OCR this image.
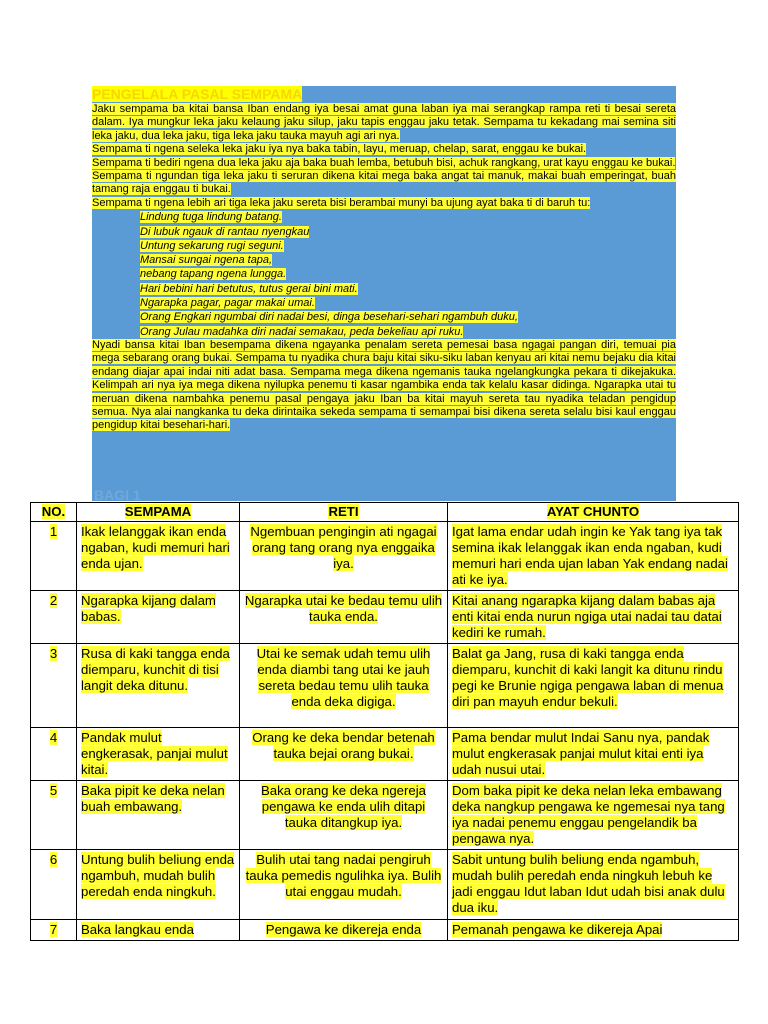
PENGELALA PASAL SEMPAMA

Jaku sempama ba kitai bansa Iban endang iya besai amat guna laban iya mai serangkap rampa reti ti besai sereta dalam. Iya mungkur leka jaku kelaung jaku silup, jaku tapis enggau jaku tetak. Sempama tu kekadang mai semina siti leka jaku, dua leka jaku, tiga leka jaku tauka mayuh agi ari nya.

Sempama ti ngena seleka leka jaku iya nya baka tabin, layu, meruap, chelap, sarat, enggau ke bukai.

Sempama ti bediri ngena dua leka jaku aja baka buah lemba, betubuh bisi, achuk rangkang, urat kayu enggau ke bukai.

Sempama ti ngundan tiga leka jaku ti seruran dikena kitai mega baka angat tai manuk, makai buah emperingat, buah tamang raja enggau ti bukai.

Sempama ti ngena lebih ari tiga leka jaku sereta bisi berambai munyi ba ujung ayat baka ti di baruh tu:

Lindung tuga lindung batang.
Di lubuk ngauk di rantau nyengkau
Untung sekarung rugi seguni.
Mansai sungai ngena tapa,
nebang tapang ngena lungga.
Hari bebini hari betutus, tutus gerai bini mati.
Ngarapka pagar, pagar makai umai.
Orang Engkari ngumbai diri nadai besi, dinga besehari-sehari ngambuh duku,
Orang Julau madahka diri nadai semakau, peda bekeliau api ruku.

Nyadi bansa kitai Iban besempama dikena ngayanka penalam sereta pemesai basa ngagai pangan diri, temuai pia mega sebarang orang bukai. Sempama tu nyadika chura baju kitai siku-siku laban kenyau ari kitai nemu bejaku dia kitai endang diajar apai indai niti adat basa. Sempama mega dikena ngemanis tauka ngelangkungka pekara ti dikejakuka. Kelimpah ari nya iya mega dikena nyilupka penemu ti kasar ngambika enda tak kelalu kasar didinga. Ngarapka utai tu meruan dikena nambahka penemu pasal pengaya jaku Iban ba kitai mayuh sereta tau nyadika teladan pengidup semua. Nya alai nangkanka tu deka dirintaika sekeda sempama ti semampai bisi dikena sereta selalu bisi kaul enggau pengidup kitai besehari-hari.

BAGI 1
NO.	SEMPAMA	RETI	AYAT CHUNTO
1	Ikak lelanggak ikan enda ngaban, kudi memuri hari enda ujan.	Ngembuan pengingin ati ngagai orang tang orang nya enggaika iya.	Igat lama endar udah ingin ke Yak tang iya tak semina ikak lelanggak ikan enda ngaban, kudi memuri hari enda ujan laban Yak endang nadai ati ke iya.
2	Ngarapka kijang dalam babas.	Ngarapka utai ke bedau temu ulih tauka enda.	Kitai anang ngarapka kijang dalam babas aja enti kitai enda nurun ngiga utai nadai tau datai kediri ke rumah.
3	Rusa di kaki tangga enda diemparu, kunchit di tisi langit deka ditunu.	Utai ke semak udah temu ulih enda diambi tang utai ke jauh sereta bedau temu ulih tauka enda deka digiga.	Balat ga Jang, rusa di kaki tangga enda diemparu, kunchit di kaki langit ka ditunu rindu pegi ke Brunie ngiga pengawa laban di menua diri pan mayuh endur bekuli.
4	Pandak mulut engkerasak, panjai mulut kitai.	Orang ke deka bendar betenah tauka bejai orang bukai.	Pama bendar mulut Indai Sanu nya, pandak mulut engkerasak panjai mulut kitai enti iya udah nusui utai.
5	Baka pipit ke deka nelan buah embawang.	Baka orang ke deka ngereja pengawa ke enda ulih ditapi tauka ditangkup iya.	Dom baka pipit ke deka nelan leka embawang deka nangkup pengawa ke ngemesai nya tang iya nadai penemu enggau pengelandik ba pengawa nya.
6	Untung bulih beliung enda ngambuh, mudah bulih peredah enda ningkuh.	Bulih utai tang nadai pengiruh tauka pemedis ngulihka iya. Bulih utai enggau mudah.	Sabit untung bulih beliung enda ngambuh, mudah bulih peredah enda ningkuh lebuh ke jadi enggau Idut laban Idut udah bisi anak dulu dua iku.
7	Baka langkau enda	Pengawa ke dikereja enda	Pemanah pengawa ke dikereja Apai
